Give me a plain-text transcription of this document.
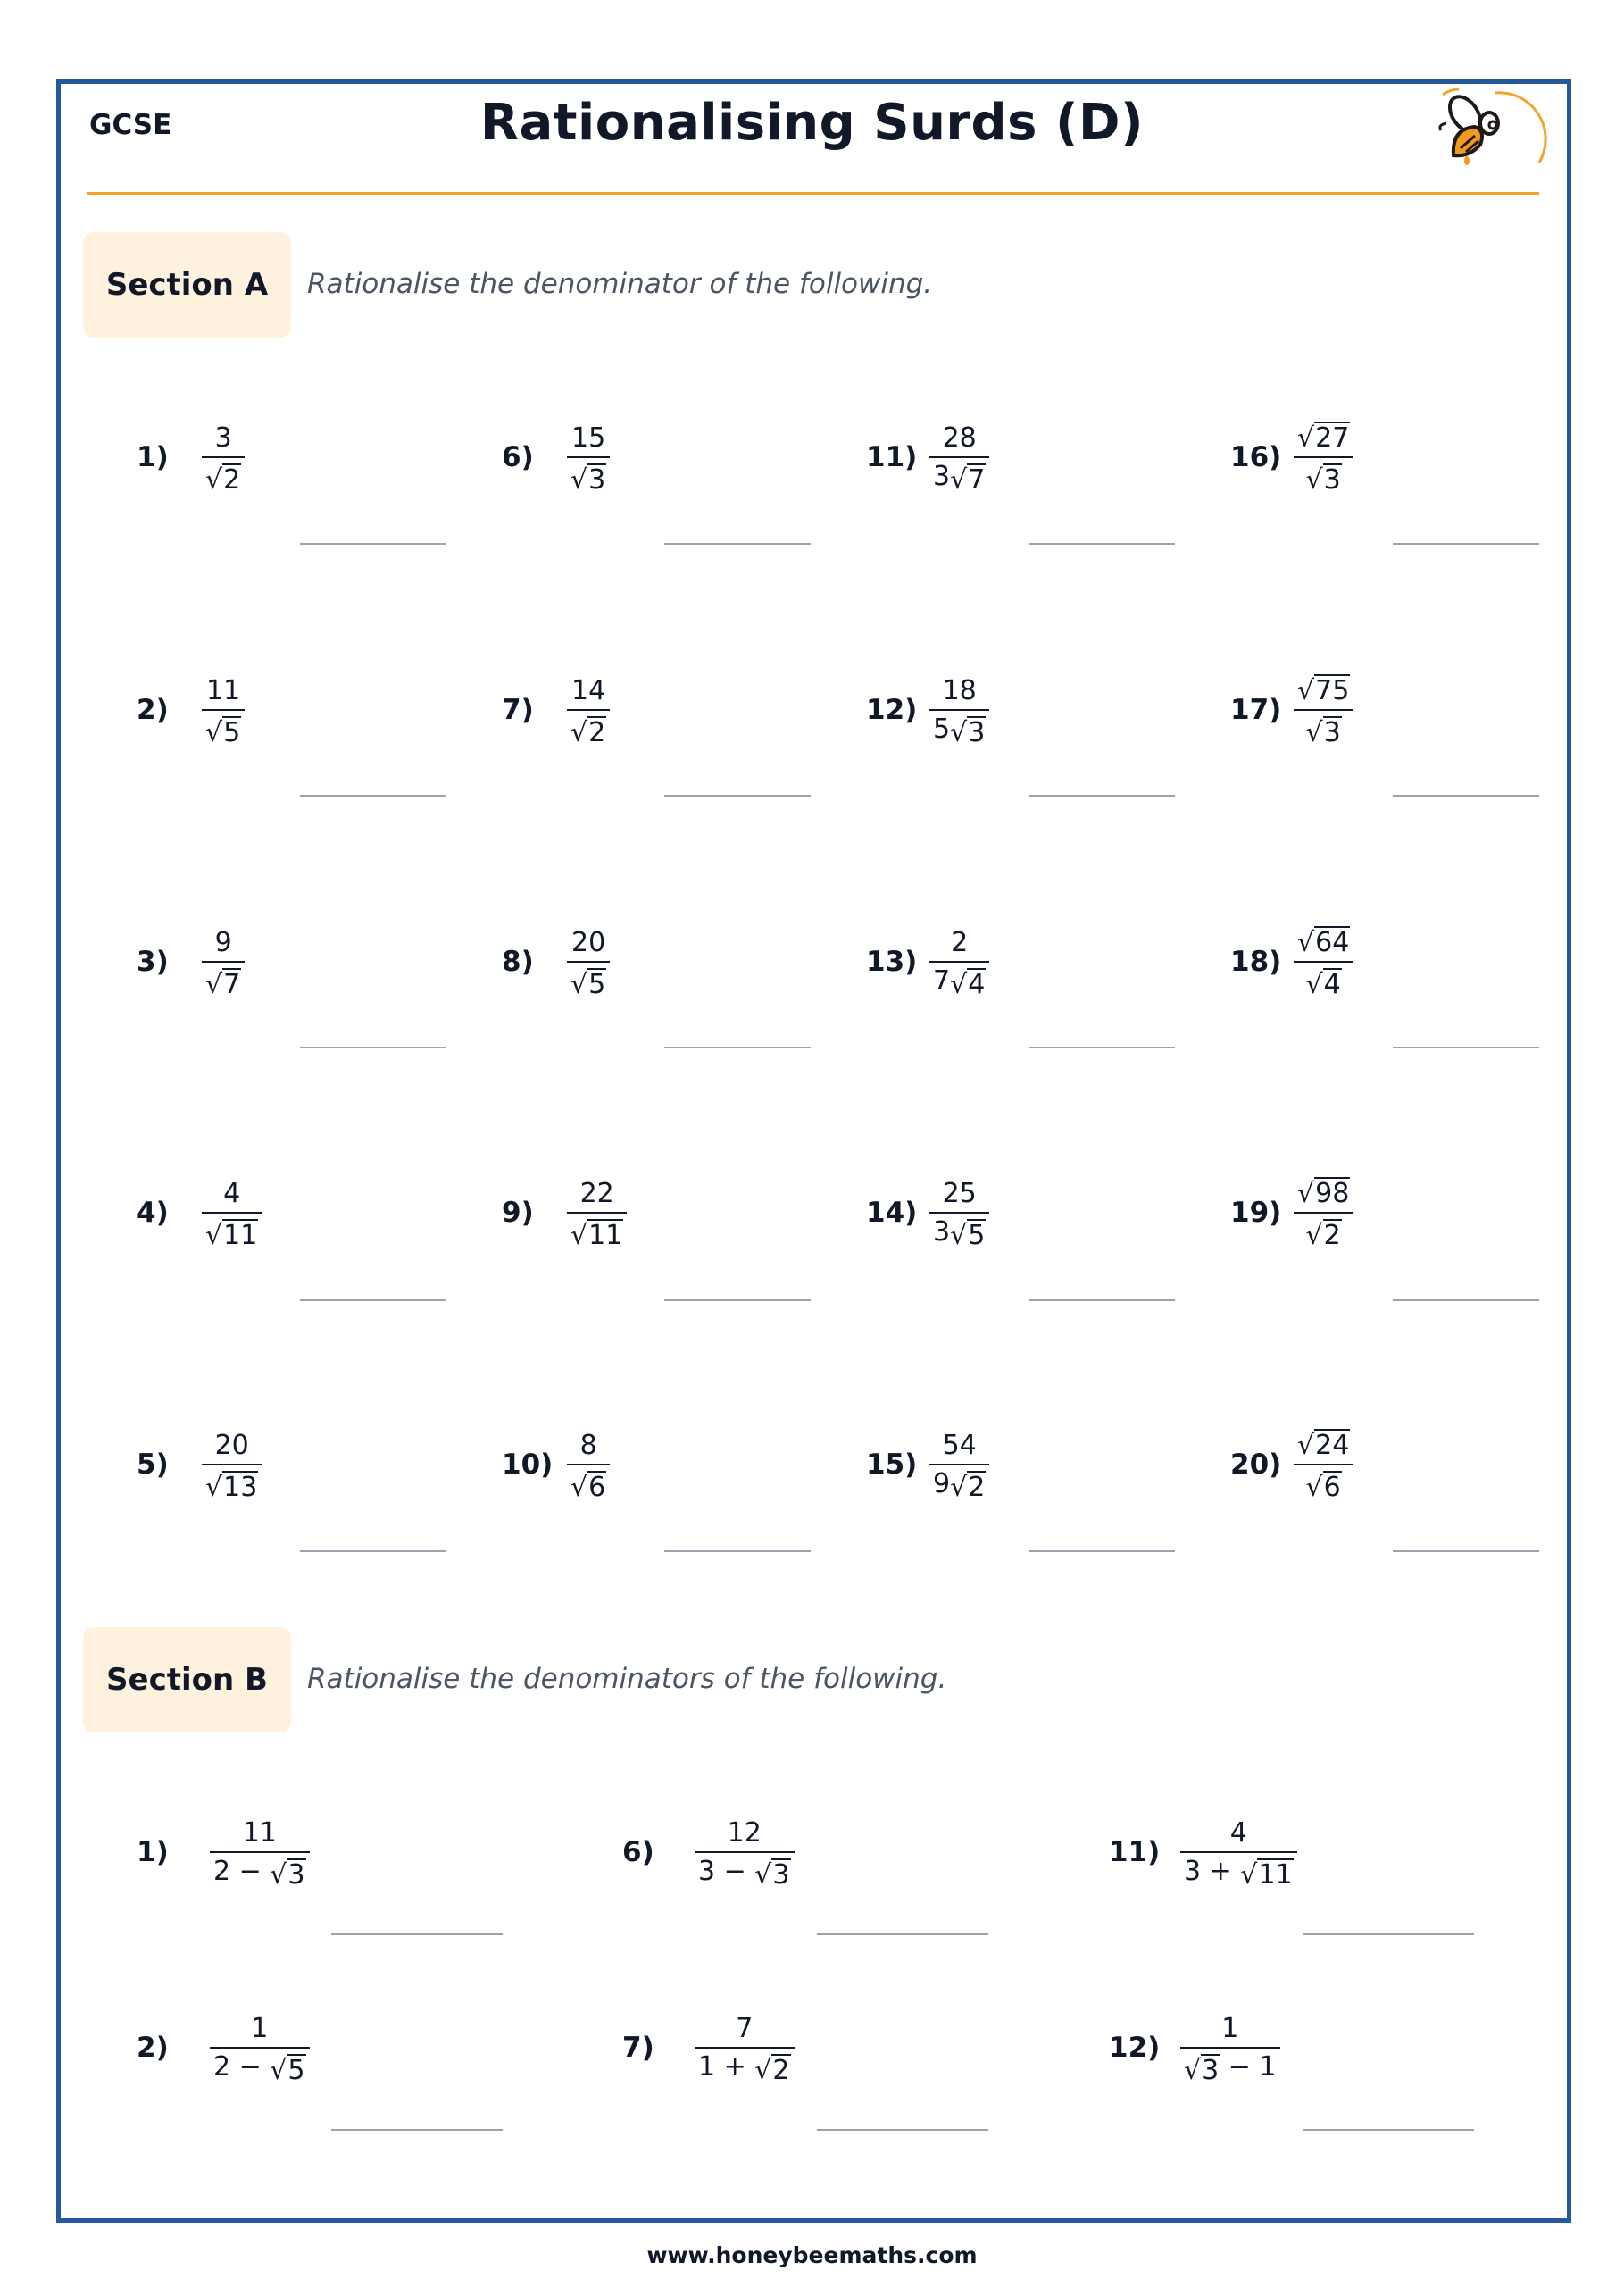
GCSE	Rationalising Surds (D)
Section A	Rationalise the denominator of the following.
1)
3
√ 2
2)
11
√ 5
3)
9
√ 7
4)
4
√ 11
5)
20
√ 13
6)
15
√ 3
7)
14
√ 2
8)
20
√ 5
9)
22
√ 11
10)
8
√ 6
11)
28
3 √ 7
12)
18
5 √ 3
13)
2
7 √ 4
14)
25
3 √ 5
15)
54
9 √ 2
16)
√ 27
√ 3
17)
√ 75
√ 3
18)
√ 64
√ 4
19)
√ 98
√ 2
20)
√ 24
√ 6
Section B	Rationalise the denominators of the following.
1)
11
2 − √ 3
2)
1
2 − √ 5
6)
12
3 − √ 3
7)
7
1 + √ 2
11)
4
3 + √ 11
12)
1
√ 3 − 1
www.honeybeemaths.com
